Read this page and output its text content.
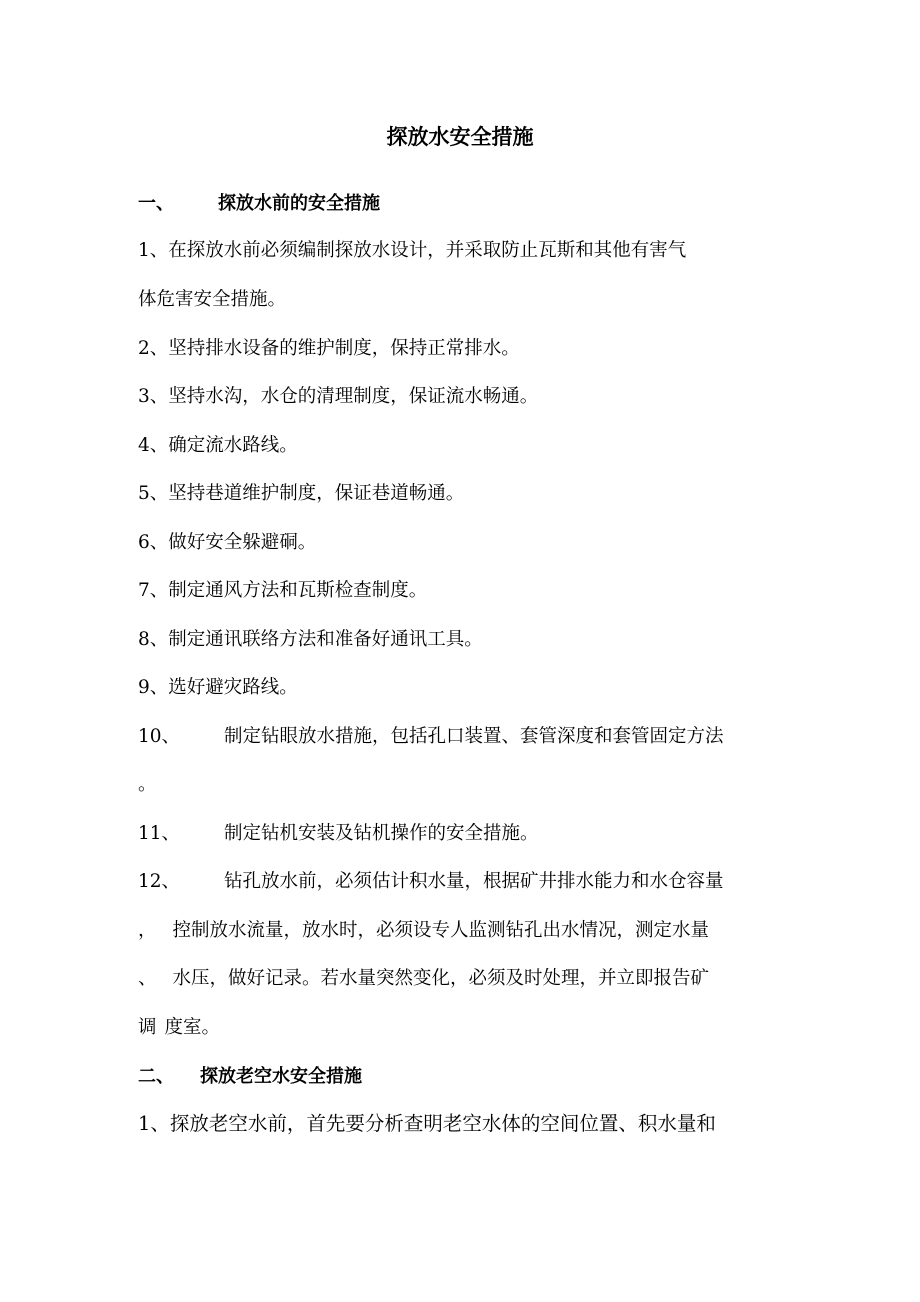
探放水安全措施
一、 探放水前的安全措施
1、在探放水前必须编制探放水设计，并采取防止瓦斯和其他有害气
体危害安全措施。
2、坚持排水设备的维护制度，保持正常排水。
3、坚持水沟，水仓的清理制度，保证流水畅通。
4、确定流水路线。
5、坚持巷道维护制度，保证巷道畅通。
6、做好安全躲避硐。
7、制定通风方法和瓦斯检查制度。
8、制定通讯联络方法和准备好通讯工具。
9、选好避灾路线。
10、 制定钻眼放水措施，包括孔口装置、套管深度和套管固定方法
。
11、 制定钻机安装及钻机操作的安全措施。
12、 钻孔放水前，必须估计积水量，根据矿井排水能力和水仓容量
， 控制放水流量，放水时，必须设专人监测钻孔出水情况，测定水量
、 水压，做好记录。若水量突然变化，必须及时处理，并立即报告矿
调 度室。
二、 探放老空水安全措施
1、探放老空水前，首先要分析查明老空水体的空间位置、积水量和
